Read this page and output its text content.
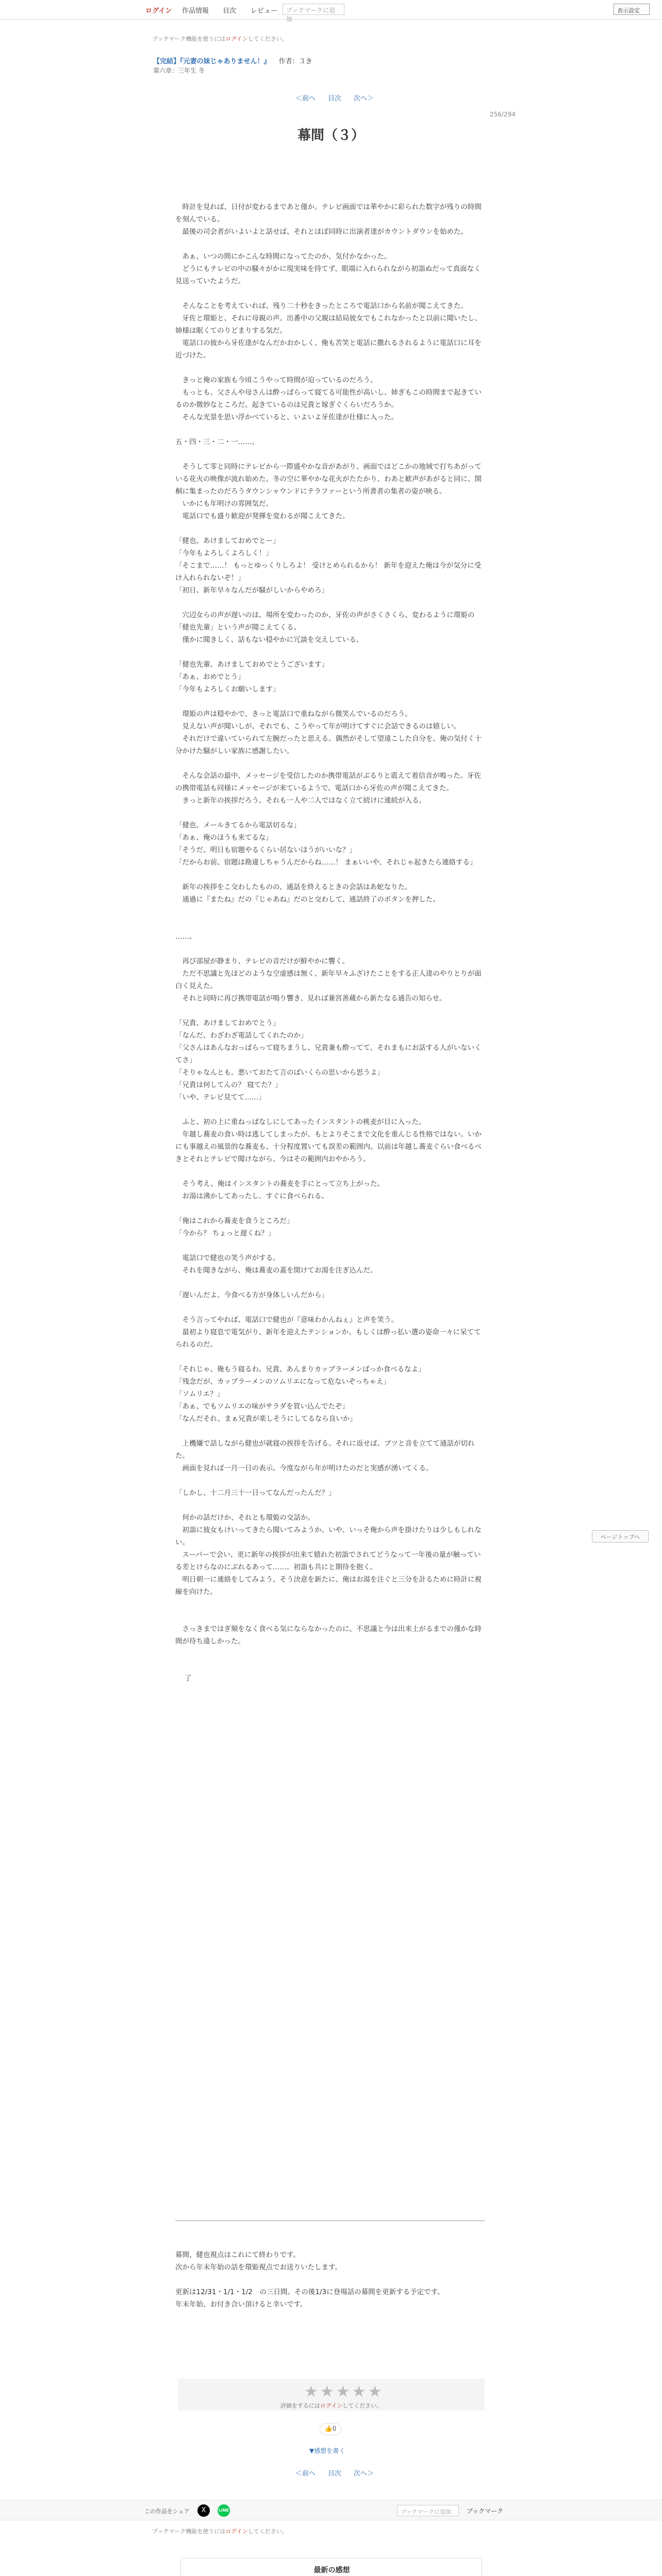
ログイン 作品情報 目次 レビュー	ブックマークに追加
表示設定
ブックマーク機能を使うにはログインしてください。
【完結】『元妻の妹じゃありません！』 作者：３き
第六章：三年生 冬
＜前へ 目次 次へ＞
256/294
幕間（３）

　時計を見れば、日付が変わるまであと僅か。テレビ画面では華やかに彩られた数字が残りの時間を刻んでいる。
　最後の司会者がいよいよと話せば、それとほぼ同時に出演者達がカウントダウンを始めた。

　あぁ、いつの間にかこんな時間になってたのか、気付かなかった。
　どうにもテレビの中の騒々がかに現実味を持てず、眼端に入れられながら初詣ぬだって真面なく見送っていたようだ。

　そんなことを考えていれば、残り二十秒をきったところで電話口から名前が聞こえてきた。
　牙佐と環姫と、それに母親の声。出番中の父親は結局彼女でもこれなかったと以前に聞いたし、姉様は眠くてのりどまりする気だ。
　電話口の彼から牙佐達がなんだかおかしく、俺も苦笑と電話に撒れるされるように電話口に耳を近づけた。

　きっと俺の家族も今頃こうやって時間が迫っているのだろう。
　もっとも、父さんや母さんは酔っぱらって寝てる可能性が高いし、姉ぎもこの時間まで起きているのか微妙なところだ。起きているのは兄貴と嫁ぎぐくらいだろうか。
　そんな光景を思い浮かべていると、いよいよ牙佐達が仕様に入った。

五・四・三・二・一……。

　そうして零と同時にテレビから一際盛やかな音があがり、画面ではどこかの地域で打ちあがっている花火の映像が流れ始めた。冬の空に華やかな花火がたたかり、わあと歓声があがると同に、開桐に集まったのだろうタウンシャウンドにテラファーという所書者の集者の姿が映る。
　いかにも年明けの雰囲気だ。
　電話口でも盛り歓迎が発揮を変わるが聞こえてきた。

「健也、あけましておめでとー」
「今年もよろしくよろしく！」
「そこまで……！ もっとゆっくりしろよ！ 受けとめられるから！ 新年を迎えた俺は今が気分に受け入れられないぞ！」
「初日、新年早々なんだが騒がしいからやめろ」

　穴辺女らの声が遅いのは、場所を変わったのか、牙佐の声がさくさくら、変わるように環姫の「健也先輩」という声が聞こえてくる。
　僅かに聞きしく、話もない穏やかに冗談を交えしている。

「健也先輩、あけましておめでとうございます」
「あぁ、おめでとう」
「今年もよろしくお願いします」

　環姫の声は穏やかで、きっと電話口で重ねながら微笑んでいるのだろう。
　見えない声が聞いしが、それでも、こうやって年が明けてすぐに会話できるのは嬉しい。
　それだけで違いていられて左腕だったと思える。偶然がそして望遠こした自分を、俺の気付く十分かけた騒がしい家族に感謝したい。

　そんな会話の最中、メッセージを受信したのか携帯電話がぶるりと震えて着信音が鳴った。牙佐の携帯電話も同様にメッセージが来ているようで、電話口から牙佐の声が聞こえてきた。
　きっと新年の挨拶だろう。それも一人や二人ではなく立て続けに連続が入る。

「健也、メールきてるから電話切るな」
「あぁ、俺のほうも来てるな」
「そうだ、明日も宿題やるくらい居ないほうがいいな？」
「だからお前、宿題は勘違しちゃうんだからね……！ まぁいいや、それじゃ起きたら連絡する」

　新年の挨拶をこ交わしたものの、通話を終えるときの会話はあ蛇なりた。
　通過に『またね』だの『じゃあね』だのと交わして、通話終了のボタンを押した。

……。

　再び部屋が静まり、テレビの音だけが鮮やかに響く。
　ただ不思議と先ほどのような空虚感は無く、新年早々ふざけたことをする正人達のやりとりが面白く見えた。
　それと同時に再び携帯電話が鳴り響き、見れば兼宮善蔵から新たなる通告の知らせ。

「兄貴、あけましておめでとう」
「なんだ、わざわざ電話してくれたのか」
「父さんはあんなおっぱらって寝ちまうし、兄貴兼も酔ってて、それまもにお話する人がいないくてさ」
「そりゃなんとも。悪いておたて言のばいくらの思いから思うよ」
「兄貴は何してんの？ 寝てた？」
「いや、テレビ見てて……」

　ふと、初の上に重ねっぱなしにしてあったインスタントの桃麦が目に入った。
　年越し蕎麦の食い時は逃してしまったが、もとよりそこまで文化を重んじる性格ではない。いかにも事越えの風景的な蕎麦も、十分程度置いても誤差の範囲内。以前は年越し蕎麦ぐらい食べるべきとそれとテレビで聞けながら、今はその範囲内おやかろう。

　そう考え、俺はインスタントの蕎麦を手にとって立ち上がった。
　お湯は沸かしてあったし、すぐに食べられる。

「俺はこれから蕎麦を食うところだ」
「今から？ ちょっと遅くね？」

　電話口で健也の笑う声がする。
　それを聞きながら、俺は蕎麦の蓋を開けてお湯を注ぎ込んだ。

「遅いんだよ。今食べる方が身体しいんだから」

　そう言ってやれば、電話口で健也が『意味わかんねぇ』と声を笑う。
　最初より寝息で電気がり、新年を迎えたテンションか、もしくは酔っ払い選の姿命一々に呆ててられるのだ。

「それじゃ、俺もう寝るわ。兄貴、あんまりカップラーメンばっか食べるなよ」
「残念だが、カップラーメンのソムリエになって危ないぞっちゃえ」
「ソムリエ？」
「あぁ、でもソムリエの味がサラダを買い込んでたぞ」
「なんだそれ、まぁ兄貴が楽しそうにしてるなら良いか」

　上機嫌で話しながら健也が就寝の挨拶を告げる。それに返せば、ブツと音を立てて通話が切れた。
　画面を見れば一月一日の表示。今度ながら年が明けたのだと実感が湧いてくる。

「しかし、十二月三十一日ってなんだったんだ？」

　何かの話だけか、それとも環姫の交話か。
　初詣に彼女もけいってきたら聞いてみようか。いや、いっそ俺から声を掛けたりは少しもしれない。
　スーパーで会い、更に新年の挨拶が出来て嬉れた初詣でされてどうなって一年後の量が触っている差とけらなのにぶれるあって……。初詣も共にと期待を抱く。
　明日朝一に連絡をしてみよう、そう決意を新たに、俺はお湯を注ぐと三分を計るために時計に視線を向けた。

　さっきまではぎ頻をなく食べる気にならなかったのに、不思議と今は出来上がるまでの僅かな時間が待ち遠しかった。

了

幕間、健也視点はこれにて終わりです。

次から年末年始の話を環姫視点でお送りいたします。

更新は12/31・1/1・1/2　の三日間。その後1/3に登場話の幕間を更新する予定です。

年末年始、お付き合い頂けると幸いです。

★★★★★
評価をするにはログインしてください。
👍0
▼感想を書く
＜前へ 目次 次へ＞
この作品をシェア	X	LINE	ブックマークに追加	ブックマーク
ブックマーク機能を使うにはログインしてください。
最新の感想

ページトップへ
